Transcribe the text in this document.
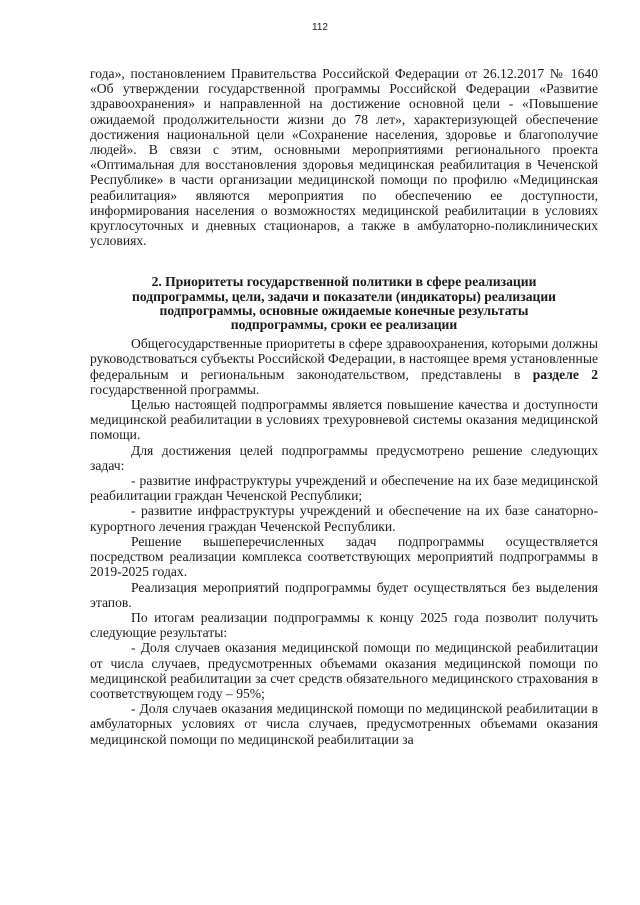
112

года», постановлением Правительства Российской Федерации от 26.12.2017 № 1640 «Об утверждении государственной программы Российской Федерации «Развитие здравоохранения» и направленной на достижение основной цели - «Повышение ожидаемой продолжительности жизни до 78 лет», характеризующей обеспечение достижения национальной цели «Сохранение населения, здоровье и благополучие людей». В связи с этим, основными мероприятиями регионального проекта «Оптимальная для восстановления здоровья медицинская реабилитация в Чеченской Республике» в части организации медицинской помощи по профилю «Медицинская реабилитация» являются мероприятия по обеспечению ее доступности, информирования населения о возможностях медицинской реабилитации в условиях круглосуточных и дневных стационаров, а также в амбулаторно-поликлинических условиях.

2. Приоритеты государственной политики в сфере реализации
подпрограммы, цели, задачи и показатели (индикаторы) реализации
подпрограммы, основные ожидаемые конечные результаты
подпрограммы, сроки ее реализации

Общегосударственные приоритеты в сфере здравоохранения, которыми должны руководствоваться субъекты Российской Федерации, в настоящее время установленные федеральным и региональным законодательством, представлены в разделе 2 государственной программы.

Целью настоящей подпрограммы является повышение качества и доступности медицинской реабилитации в условиях трехуровневой системы оказания медицинской помощи.

Для достижения целей подпрограммы предусмотрено решение следующих задач:

- развитие инфраструктуры учреждений и обеспечение на их базе медицинской реабилитации граждан Чеченской Республики;

- развитие инфраструктуры учреждений и обеспечение на их базе санаторно-курортного лечения граждан Чеченской Республики.

Решение вышеперечисленных задач подпрограммы осуществляется посредством реализации комплекса соответствующих мероприятий подпрограммы в 2019-2025 годах.

Реализация мероприятий подпрограммы будет осуществляться без выделения этапов.

По итогам реализации подпрограммы к концу 2025 года позволит получить следующие результаты:

- Доля случаев оказания медицинской помощи по медицинской реабилитации от числа случаев, предусмотренных объемами оказания медицинской помощи по медицинской реабилитации за счет средств обязательного медицинского страхования в соответствующем году – 95%;

- Доля случаев оказания медицинской помощи по медицинской реабилитации в амбулаторных условиях от числа случаев, предусмотренных объемами оказания медицинской помощи по медицинской реабилитации за
